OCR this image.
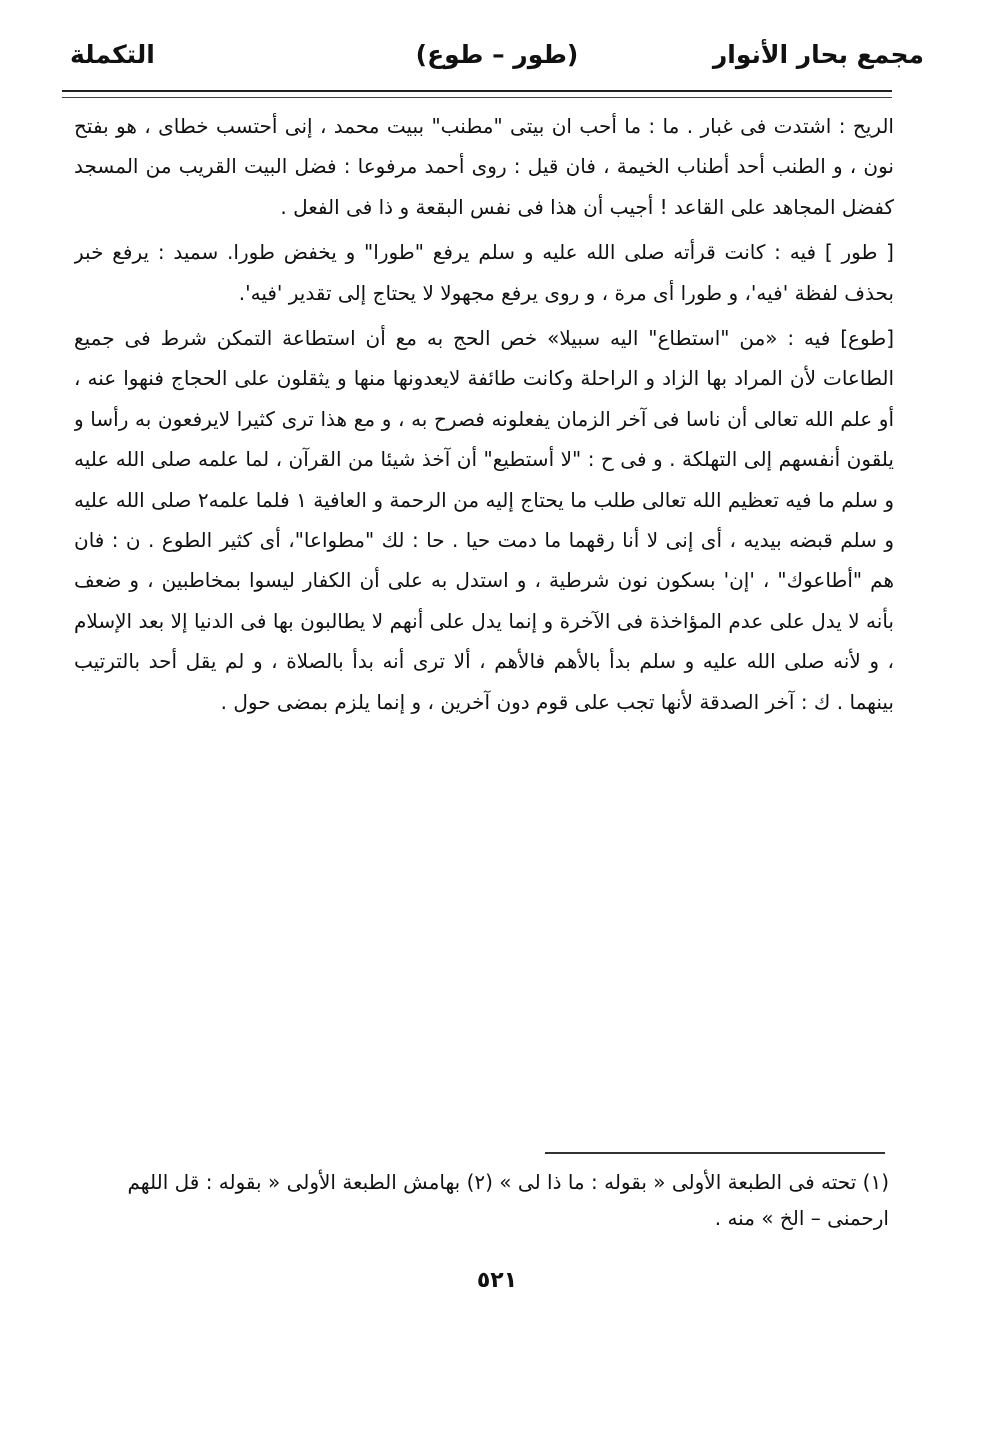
مجمع بحار الأنوار
(طور – طوع)
التكملة

الريح : اشتدت فى غبار . ما : ما أحب ان بيتى "مطنب" ببيت محمد ، إنى أحتسب خطاى ، هو بفتح نون ، و الطنب أحد أطناب الخيمة ، فان قيل : روى أحمد مرفوعا : فضل البيت القريب من المسجد كفضل المجاهد على القاعد ! أجيب أن هذا فى نفس البقعة و ذا فى الفعل .

[ طور ] فيه : كانت قرأته صلى الله عليه و سلم يرفع "طورا" و يخفض طورا. سميد : يرفع خبر بحذف لفظة 'فيه'، و طورا أى مرة ، و روى يرفع مجهولا لا يحتاج إلى تقدير 'فيه'.

[طوع] فيه : «من "استطاع" اليه سبيلا» خص الحج به مع أن استطاعة التمكن شرط فى جميع الطاعات لأن المراد بها الزاد و الراحلة وكانت طائفة لايعدونها منها و يثقلون على الحجاج فنهوا عنه ، أو علم الله تعالى أن ناسا فى آخر الزمان يفعلونه فصرح به ، و مع هذا ترى كثيرا لايرفعون به رأسا و يلقون أنفسهم إلى التهلكة . و فى ح : "لا أستطيع" أن آخذ شيئا من القرآن ، لما علمه صلى الله عليه و سلم ما فيه تعظيم الله تعالى طلب ما يحتاج إليه من الرحمة و العافية ١ فلما علمه٢ صلى الله عليه و سلم قبضه بيديه ، أى إنى لا أنا رقهما ما دمت حيا . حا : لك "مطواعا"، أى كثير الطوع . ن : فان هم "أطاعوك" ، 'إن' بسكون نون شرطية ، و استدل به على أن الكفار ليسوا بمخاطبين ، و ضعف بأنه لا يدل على عدم المؤاخذة فى الآخرة و إنما يدل على أنهم لا يطالبون بها فى الدنيا إلا بعد الإسلام ، و لأنه صلى الله عليه و سلم بدأ بالأهم فالأهم ، ألا ترى أنه بدأ بالصلاة ، و لم يقل أحد بالترتيب بينهما . ك : آخر الصدقة لأنها تجب على قوم دون آخرين ، و إنما يلزم بمضى حول .

(١) تحته فى الطبعة الأولى « بقوله : ما ذا لى » (٢) بهامش الطبعة الأولى « بقوله : قل اللهم ارحمنى – الخ » منه .
٥٢١
